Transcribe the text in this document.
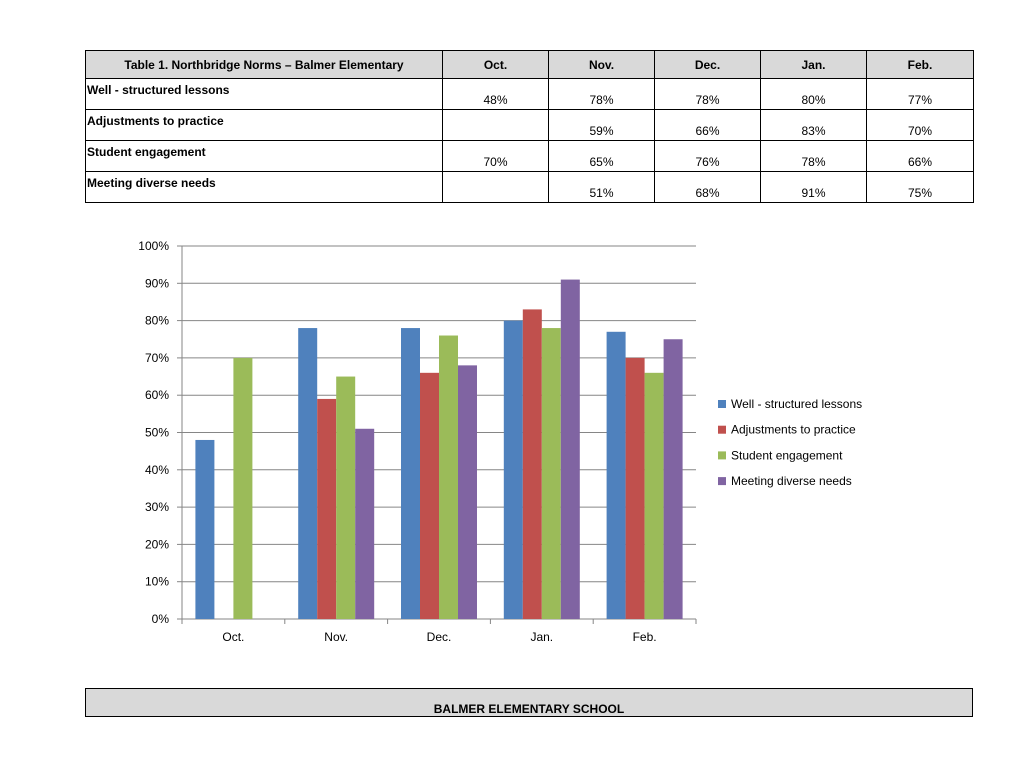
Table 1. Northbridge Norms – Balmer Elementary	Oct.	Nov.	Dec.	Jan.	Feb.
Well - structured lessons	48%	78%	78%	80%	77%
Adjustments to practice		59%	66%	83%	70%
Student engagement	70%	65%	76%	78%	66%
Meeting diverse needs		51%	68%	91%	75%
0%
10%
20%
30%
40%
50%
60%
70%
80%
90%
100%
Oct.	Nov.	Dec.	Jan.	Feb.
Well - structured lessons
Adjustments to practice
Student engagement
Meeting diverse needs
BALMER ELEMENTARY SCHOOL
